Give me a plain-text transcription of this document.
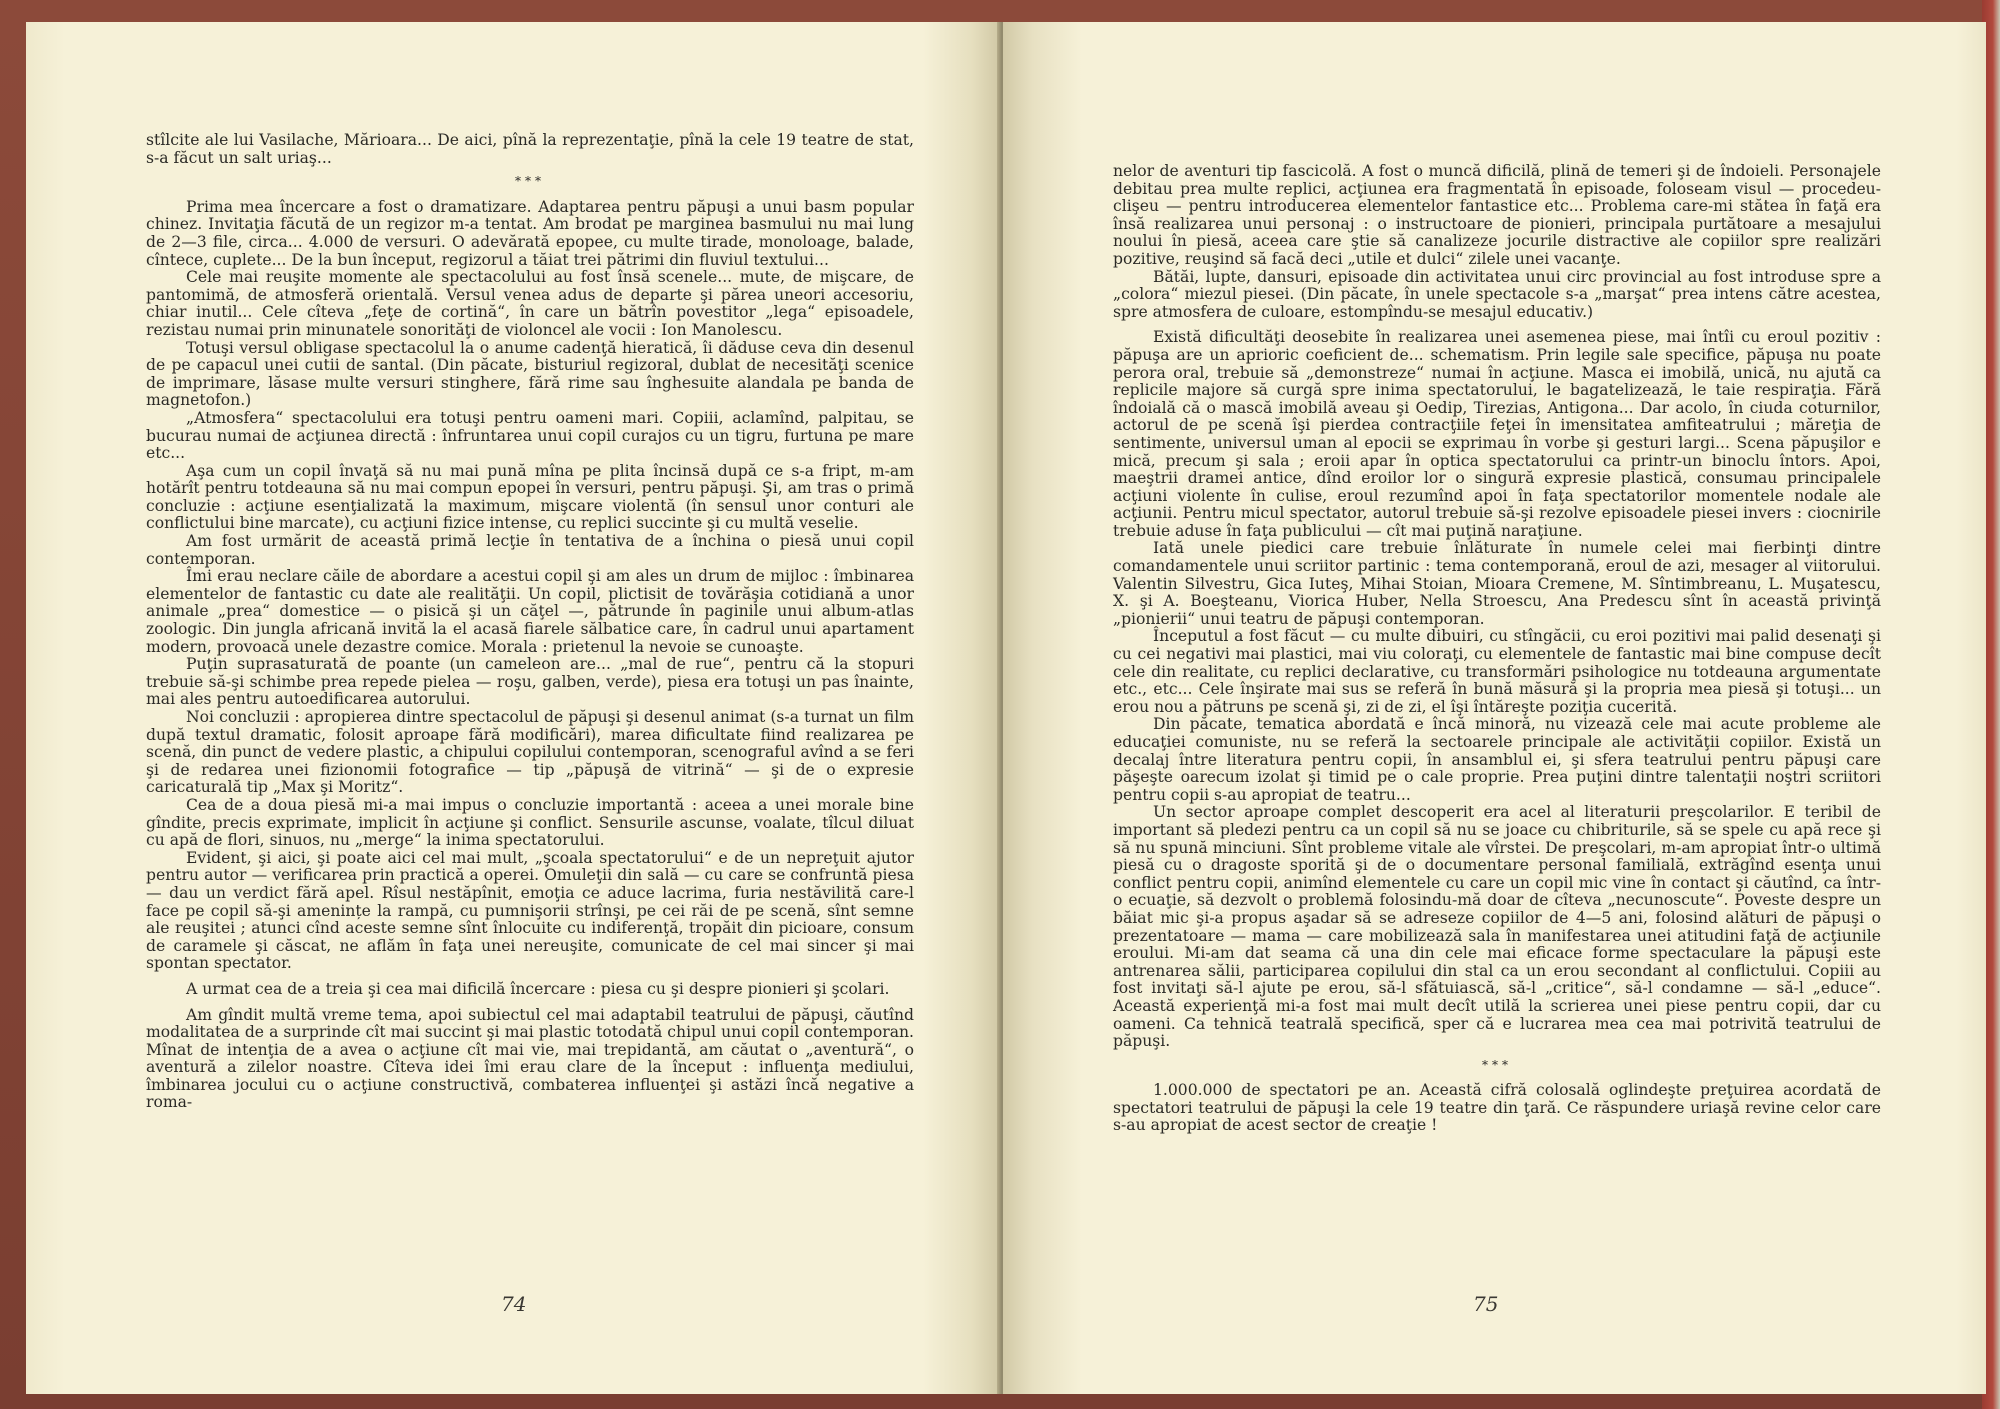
stîlcite ale lui Vasilache, Mărioara... De aici, pînă la reprezentaţie, pînă la cele 19 teatre de stat, s-a făcut un salt uriaş...

***

Prima mea încercare a fost o dramatizare. Adaptarea pentru păpuşi a unui basm popular chinez. Invitaţia făcută de un regizor m-a tentat. Am brodat pe marginea basmului nu mai lung de 2—3 file, circa... 4.000 de versuri. O adevărată epopee, cu multe tirade, monoloage, balade, cîntece, cuplete... De la bun început, regizorul a tăiat trei pătrimi din fluviul textului...

Cele mai reuşite momente ale spectacolului au fost însă scenele... mute, de mişcare, de pantomimă, de atmosferă orientală. Versul venea adus de departe şi părea uneori accesoriu, chiar inutil... Cele cîteva „feţe de cortină“, în care un bătrîn povestitor „lega“ episoadele, rezistau numai prin minunatele sonorităţi de violoncel ale vocii : Ion Manolescu.

Totuşi versul obligase spectacolul la o anume cadenţă hieratică, îi dăduse ceva din desenul de pe capacul unei cutii de santal. (Din păcate, bisturiul regizoral, dublat de necesităţi scenice de imprimare, lăsase multe versuri stinghere, fără rime sau înghesuite alandala pe banda de magnetofon.)

„Atmosfera“ spectacolului era totuşi pentru oameni mari. Copiii, aclamînd, palpitau, se bucurau numai de acţiunea directă : înfruntarea unui copil curajos cu un tigru, furtuna pe mare etc...

Aşa cum un copil învaţă să nu mai pună mîna pe plita încinsă după ce s-a fript, m-am hotărît pentru totdeauna să nu mai compun epopei în versuri, pentru păpuşi. Şi, am tras o primă concluzie : acţiune esenţializată la maximum, mişcare violentă (în sensul unor conturi ale conflictului bine marcate), cu acţiuni fizice intense, cu replici succinte şi cu multă veselie.

Am fost urmărit de această primă lecţie în tentativa de a închina o piesă unui copil contemporan.

Îmi erau neclare căile de abordare a acestui copil şi am ales un drum de mijloc : îmbinarea elementelor de fantastic cu date ale realităţii. Un copil, plictisit de tovărăşia cotidiană a unor animale „prea“ domestice — o pisică şi un căţel —, pătrunde în paginile unui album-atlas zoologic. Din jungla africană invită la el acasă fiarele sălbatice care, în cadrul unui apartament modern, provoacă unele dezastre comice. Morala : prietenul la nevoie se cunoaşte.

Puţin suprasaturată de poante (un cameleon are... „mal de rue“, pentru că la stopuri trebuie să-şi schimbe prea repede pielea — roşu, galben, verde), piesa era totuşi un pas înainte, mai ales pentru autoedificarea autorului.

Noi concluzii : apropierea dintre spectacolul de păpuşi şi desenul animat (s-a turnat un film după textul dramatic, folosit aproape fără modificări), marea dificultate fiind realizarea pe scenă, din punct de vedere plastic, a chipului copilului contemporan, scenograful avînd a se feri şi de redarea unei fizionomii fotografice — tip „păpuşă de vitrină“ — şi de o expresie caricaturală tip „Max şi Moritz“.

Cea de a doua piesă mi-a mai impus o concluzie importantă : aceea a unei morale bine gîndite, precis exprimate, implicit în acţiune şi conflict. Sensurile ascunse, voalate, tîlcul diluat cu apă de flori, sinuos, nu „merge“ la inima spectatorului.

Evident, şi aici, şi poate aici cel mai mult, „şcoala spectatorului“ e de un nepreţuit ajutor pentru autor — verificarea prin practică a operei. Omuleţii din sală — cu care se confruntă piesa — dau un verdict fără apel. Rîsul nestăpînit, emoţia ce aduce lacrima, furia nestăvilită care-l face pe copil să-şi amenințe la rampă, cu pumnişorii strînşi, pe cei răi de pe scenă, sînt semne ale reuşitei ; atunci cînd aceste semne sînt înlocuite cu indiferenţă, tropăit din picioare, consum de caramele şi căscat, ne aflăm în faţa unei nereuşite, comunicate de cel mai sincer şi mai spontan spectator.

A urmat cea de a treia şi cea mai dificilă încercare : piesa cu şi despre pionieri şi şcolari.

Am gîndit multă vreme tema, apoi subiectul cel mai adaptabil teatrului de păpuşi, căutînd modalitatea de a surprinde cît mai succint şi mai plastic totodată chipul unui copil contemporan. Mînat de intenţia de a avea o acţiune cît mai vie, mai trepidantă, am căutat o „aventură“, o aventură a zilelor noastre. Cîteva idei îmi erau clare de la început : influenţa mediului, îmbinarea jocului cu o acţiune constructivă, combaterea influenţei şi astăzi încă negative a roma-

74

nelor de aventuri tip fascicolă. A fost o muncă dificilă, plină de temeri şi de îndoieli. Personajele debitau prea multe replici, acţiunea era fragmentată în episoade, foloseam visul — procedeu-clişeu — pentru introducerea elementelor fantastice etc... Problema care-mi stătea în faţă era însă realizarea unui personaj : o instructoare de pionieri, principala purtătoare a mesajului noului în piesă, aceea care ştie să canalizeze jocurile distractive ale copiilor spre realizări pozitive, reuşind să facă deci „utile et dulci“ zilele unei vacanţe.

Bătăi, lupte, dansuri, episoade din activitatea unui circ provincial au fost introduse spre a „colora“ miezul piesei. (Din păcate, în unele spectacole s-a „marşat“ prea intens către acestea, spre atmosfera de culoare, estompîndu-se mesajul educativ.)

Există dificultăţi deosebite în realizarea unei asemenea piese, mai întîi cu eroul pozitiv : păpuşa are un aprioric coeficient de... schematism. Prin legile sale specifice, păpuşa nu poate perora oral, trebuie să „demonstreze“ numai în acţiune. Masca ei imobilă, unică, nu ajută ca replicile majore să curgă spre inima spectatorului, le bagatelizează, le taie respiraţia. Fără îndoială că o mască imobilă aveau şi Oedip, Tirezias, Antigona... Dar acolo, în ciuda coturnilor, actorul de pe scenă îşi pierdea contracţiile feţei în imensitatea amfiteatrului ; măreţia de sentimente, universul uman al epocii se exprimau în vorbe şi gesturi largi... Scena păpuşilor e mică, precum şi sala ; eroii apar în optica spectatorului ca printr-un binoclu întors. Apoi, maeştrii dramei antice, dînd eroilor lor o singură expresie plastică, consumau principalele acţiuni violente în culise, eroul rezumînd apoi în faţa spectatorilor momentele nodale ale acţiunii. Pentru micul spectator, autorul trebuie să-şi rezolve episoadele piesei invers : ciocnirile trebuie aduse în faţa publicului — cît mai puţină naraţiune.

Iată unele piedici care trebuie înlăturate în numele celei mai fierbinţi dintre comandamentele unui scriitor partinic : tema contemporană, eroul de azi, mesager al viitorului. Valentin Silvestru, Gica Iuteş, Mihai Stoian, Mioara Cremene, M. Sîntimbreanu, L. Muşatescu, X. şi A. Boeşteanu, Viorica Huber, Nella Stroescu, Ana Predescu sînt în această privinţă „pionierii“ unui teatru de păpuşi contemporan.

Începutul a fost făcut — cu multe dibuiri, cu stîngăcii, cu eroi pozitivi mai palid desenaţi şi cu cei negativi mai plastici, mai viu coloraţi, cu elementele de fantastic mai bine compuse decît cele din realitate, cu replici declarative, cu transformări psihologice nu totdeauna argumentate etc., etc... Cele înşirate mai sus se referă în bună măsură şi la propria mea piesă şi totuşi... un erou nou a pătruns pe scenă şi, zi de zi, el îşi întăreşte poziţia cucerită.

Din păcate, tematica abordată e încă minoră, nu vizează cele mai acute probleme ale educaţiei comuniste, nu se referă la sectoarele principale ale activităţii copiilor. Există un decalaj între literatura pentru copii, în ansamblul ei, şi sfera teatrului pentru păpuşi care păşeşte oarecum izolat şi timid pe o cale proprie. Prea puţini dintre talentaţii noştri scriitori pentru copii s-au apropiat de teatru...

Un sector aproape complet descoperit era acel al literaturii preşcolarilor. E teribil de important să pledezi pentru ca un copil să nu se joace cu chibriturile, să se spele cu apă rece şi să nu spună minciuni. Sînt probleme vitale ale vîrstei. De preşcolari, m-am apropiat într-o ultimă piesă cu o dragoste sporită şi de o documentare personal familială, extrăgînd esenţa unui conflict pentru copii, animînd elementele cu care un copil mic vine în contact şi căutînd, ca într-o ecuaţie, să dezvolt o problemă folosindu-mă doar de cîteva „necunoscute“. Poveste despre un băiat mic şi-a propus aşadar să se adreseze copiilor de 4—5 ani, folosind alături de păpuşi o prezentatoare — mama — care mobilizează sala în manifestarea unei atitudini faţă de acţiunile eroului. Mi-am dat seama că una din cele mai eficace forme spectaculare la păpuşi este antrenarea sălii, participarea copilului din stal ca un erou secondant al conflictului. Copiii au fost invitaţi să-l ajute pe erou, să-l sfătuiască, să-l „critice“, să-l condamne — să-l „educe“. Această experienţă mi-a fost mai mult decît utilă la scrierea unei piese pentru copii, dar cu oameni. Ca tehnică teatrală specifică, sper că e lucrarea mea cea mai potrivită teatrului de păpuşi.

***

1.000.000 de spectatori pe an. Această cifră colosală oglindeşte preţuirea acordată de spectatori teatrului de păpuşi la cele 19 teatre din ţară. Ce răspundere uriaşă revine celor care s-au apropiat de acest sector de creaţie !

75
